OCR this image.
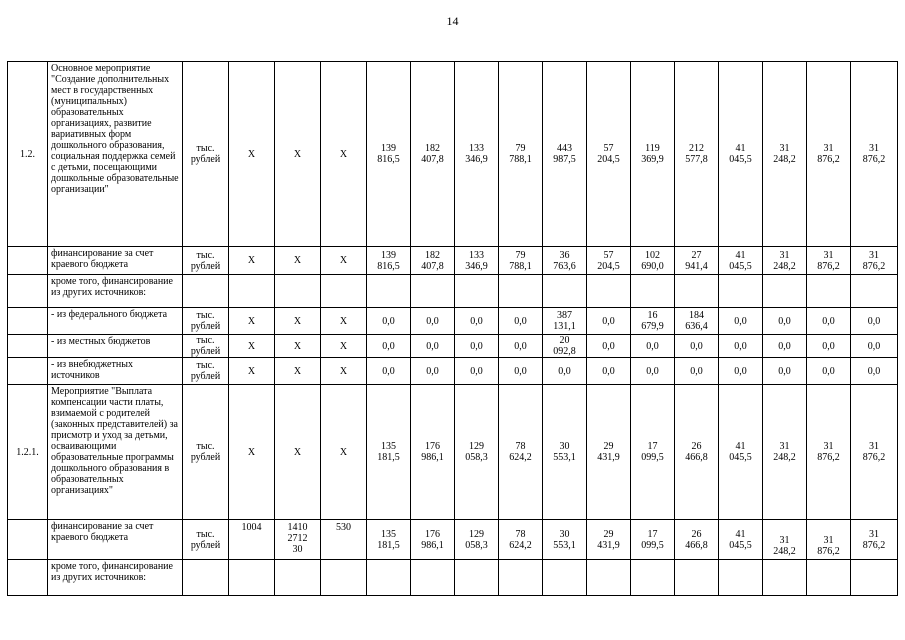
14
1.2.	Основное мероприятие "Создание дополнительных мест в государственных (муниципальных) образовательных организациях, развитие вариативных форм дошкольного образования, социальная поддержка семей с детьми, посещающими дошкольные образовательные организации"	тыс.
рублей	X	X	X	139
816,5	182
407,8	133
346,9	79
788,1	443
987,5	57
204,5	119
369,9	212
577,8	41
045,5	31
248,2	31
876,2	31
876,2

	финансирование за счет краевого бюджета	тыс.
рублей	X	X	X	139
816,5	182
407,8	133
346,9	79
788,1	36
763,6	57
204,5	102
690,0	27
941,4	41
045,5	31
248,2	31
876,2	31
876,2

	кроме того, финансирование из других источников:																

	- из федерального бюджета	тыс.
рублей	X	X	X	0,0	0,0	0,0	0,0	387
131,1	0,0	16
679,9	184
636,4	0,0	0,0	0,0	0,0

	- из местных бюджетов	тыс.
рублей	X	X	X	0,0	0,0	0,0	0,0	20
092,8	0,0	0,0	0,0	0,0	0,0	0,0	0,0

	- из внебюджетных источников	тыс.
рублей	X	X	X	0,0	0,0	0,0	0,0	0,0	0,0	0,0	0,0	0,0	0,0	0,0	0,0

1.2.1.	Мероприятие "Выплата компенсации части платы, взимаемой с родителей (законных представителей) за присмотр и уход за детьми, осваивающими образовательные программы дошкольного образования в образовательных организациях"	тыс.
рублей	X	X	X	135
181,5	176
986,1	129
058,3	78
624,2	30
553,1	29
431,9	17
099,5	26
466,8	41
045,5	31
248,2	31
876,2	31
876,2

	финансирование за счет краевого бюджета	тыс.
рублей	1004	1410
2712
30	530	135
181,5	176
986,1	129
058,3	78
624,2	30
553,1	29
431,9	17
099,5	26
466,8	41
045,5	31
248,2	31
876,2	31
876,2

	кроме того, финансирование из других источников:																
